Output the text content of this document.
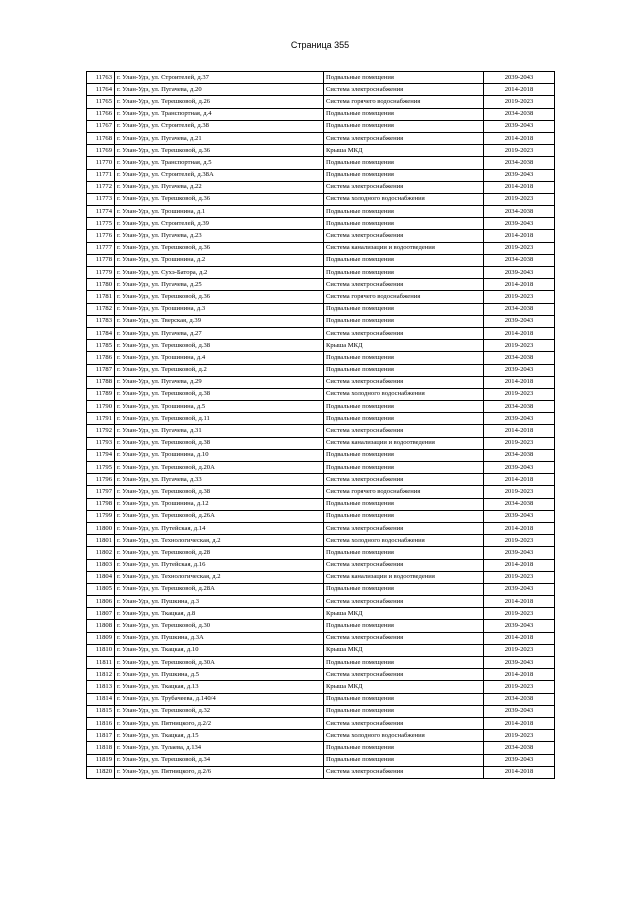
Страница 355
11763	г. Улан-Удэ, ул. Строителей, д.37	Подвальные помещения	2039-2043
11764	г. Улан-Удэ, ул. Пугачева, д.20	Система электроснабжения	2014-2018
11765	г. Улан-Удэ, ул. Терешковой, д.26	Система горячего водоснабжения	2019-2023
11766	г. Улан-Удэ, ул. Транспортная, д.4	Подвальные помещения	2034-2038
11767	г. Улан-Удэ, ул. Строителей, д.38	Подвальные помещения	2039-2043
11768	г. Улан-Удэ, ул. Пугачева, д.21	Система электроснабжения	2014-2018
11769	г. Улан-Удэ, ул. Терешковой, д.36	Крыша МКД	2019-2023
11770	г. Улан-Удэ, ул. Транспортная, д.5	Подвальные помещения	2034-2038
11771	г. Улан-Удэ, ул. Строителей, д.38А	Подвальные помещения	2039-2043
11772	г. Улан-Удэ, ул. Пугачева, д.22	Система электроснабжения	2014-2018
11773	г. Улан-Удэ, ул. Терешковой, д.36	Система холодного водоснабжения	2019-2023
11774	г. Улан-Удэ, ул. Трошинина, д.1	Подвальные помещения	2034-2038
11775	г. Улан-Удэ, ул. Строителей, д.39	Подвальные помещения	2039-2043
11776	г. Улан-Удэ, ул. Пугачева, д.23	Система электроснабжения	2014-2018
11777	г. Улан-Удэ, ул. Терешковой, д.36	Система канализации и водоотведения	2019-2023
11778	г. Улан-Удэ, ул. Трошинина, д.2	Подвальные помещения	2034-2038
11779	г. Улан-Удэ, ул. Сухэ-Батора, д.2	Подвальные помещения	2039-2043
11780	г. Улан-Удэ, ул. Пугачева, д.25	Система электроснабжения	2014-2018
11781	г. Улан-Удэ, ул. Терешковой, д.36	Система горячего водоснабжения	2019-2023
11782	г. Улан-Удэ, ул. Трошинина, д.3	Подвальные помещения	2034-2038
11783	г. Улан-Удэ, ул. Тверская, д.39	Подвальные помещения	2039-2043
11784	г. Улан-Удэ, ул. Пугачева, д.27	Система электроснабжения	2014-2018
11785	г. Улан-Удэ, ул. Терешковой, д.38	Крыша МКД	2019-2023
11786	г. Улан-Удэ, ул. Трошинина, д.4	Подвальные помещения	2034-2038
11787	г. Улан-Удэ, ул. Терешковой, д.2	Подвальные помещения	2039-2043
11788	г. Улан-Удэ, ул. Пугачева, д.29	Система электроснабжения	2014-2018
11789	г. Улан-Удэ, ул. Терешковой, д.38	Система холодного водоснабжения	2019-2023
11790	г. Улан-Удэ, ул. Трошинина, д.5	Подвальные помещения	2034-2038
11791	г. Улан-Удэ, ул. Терешковой, д.11	Подвальные помещения	2039-2043
11792	г. Улан-Удэ, ул. Пугачева, д.31	Система электроснабжения	2014-2018
11793	г. Улан-Удэ, ул. Терешковой, д.38	Система канализации и водоотведения	2019-2023
11794	г. Улан-Удэ, ул. Трошинина, д.10	Подвальные помещения	2034-2038
11795	г. Улан-Удэ, ул. Терешковой, д.20А	Подвальные помещения	2039-2043
11796	г. Улан-Удэ, ул. Пугачева, д.33	Система электроснабжения	2014-2018
11797	г. Улан-Удэ, ул. Терешковой, д.38	Система горячего водоснабжения	2019-2023
11798	г. Улан-Удэ, ул. Трошинина, д.12	Подвальные помещения	2034-2038
11799	г. Улан-Удэ, ул. Терешковой, д.26А	Подвальные помещения	2039-2043
11800	г. Улан-Удэ, ул. Путейская, д.14	Система электроснабжения	2014-2018
11801	г. Улан-Удэ, ул. Технологическая, д.2	Система холодного водоснабжения	2019-2023
11802	г. Улан-Удэ, ул. Терешковой, д.28	Подвальные помещения	2039-2043
11803	г. Улан-Удэ, ул. Путейская, д.16	Система электроснабжения	2014-2018
11804	г. Улан-Удэ, ул. Технологическая, д.2	Система канализации и водоотведения	2019-2023
11805	г. Улан-Удэ, ул. Терешковой, д.28А	Подвальные помещения	2039-2043
11806	г. Улан-Удэ, ул. Пушкина, д.3	Система электроснабжения	2014-2018
11807	г. Улан-Удэ, ул. Ткацкая, д.8	Крыша МКД	2019-2023
11808	г. Улан-Удэ, ул. Терешковой, д.30	Подвальные помещения	2039-2043
11809	г. Улан-Удэ, ул. Пушкина, д.3А	Система электроснабжения	2014-2018
11810	г. Улан-Удэ, ул. Ткацкая, д.10	Крыша МКД	2019-2023
11811	г. Улан-Удэ, ул. Терешковой, д.30А	Подвальные помещения	2039-2043
11812	г. Улан-Удэ, ул. Пушкина, д.5	Система электроснабжения	2014-2018
11813	г. Улан-Удэ, ул. Ткацкая, д.13	Крыша МКД	2019-2023
11814	г. Улан-Удэ, ул. Трубачеева, д.140/4	Подвальные помещения	2034-2038
11815	г. Улан-Удэ, ул. Терешковой, д.32	Подвальные помещения	2039-2043
11816	г. Улан-Удэ, ул. Пятницкого, д.2/2	Система электроснабжения	2014-2018
11817	г. Улан-Удэ, ул. Ткацкая, д.15	Система холодного водоснабжения	2019-2023
11818	г. Улан-Удэ, ул. Тулаева, д.134	Подвальные помещения	2034-2038
11819	г. Улан-Удэ, ул. Терешковой, д.34	Подвальные помещения	2039-2043
11820	г. Улан-Удэ, ул. Пятницкого, д.2/6	Система электроснабжения	2014-2018
